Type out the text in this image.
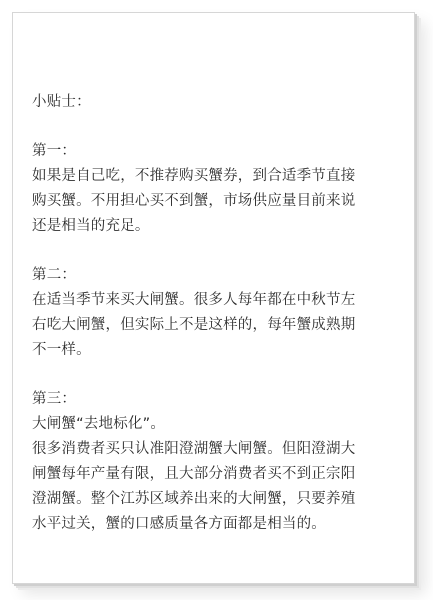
小贴士：
第一：
如果是自己吃，不推荐购买蟹券，到合适季节直接
购买蟹。不用担心买不到蟹，市场供应量目前来说
还是相当的充足。
第二：
在适当季节来买大闸蟹。很多人每年都在中秋节左
右吃大闸蟹，但实际上不是这样的，每年蟹成熟期
不一样。
第三：
大闸蟹“去地标化”。
很多消费者买只认准阳澄湖蟹大闸蟹。但阳澄湖大
闸蟹每年产量有限，且大部分消费者买不到正宗阳
澄湖蟹。整个江苏区域养出来的大闸蟹，只要养殖
水平过关，蟹的口感质量各方面都是相当的。
